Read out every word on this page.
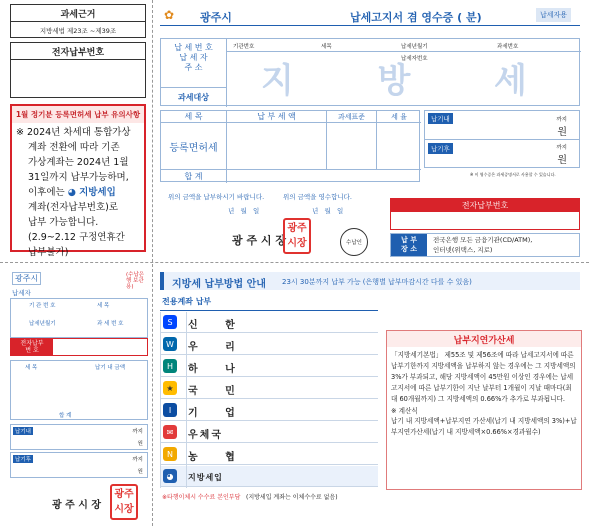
과세근거
지방세법 제23조 ~제39조
전자납부번호
1월 정기분 등록면허세 납부 유의사항
※ 2024년 차세대 통합가상
계좌 전환에 따라 기존
가상계좌는 2024년 1월
31일까지 납부가능하며,
이후에는 ◕ 지방세입
계좌(전자납부번호)로
납부 가능합니다.
(2.9~2.12 구정연휴간
납부불가)
✿ 광주시	납세고지서 겸 영수증 ( 분)	납세자용
납 세 번 호
납 세 자
주 소
과세대상
기관번호	세목	납세년월기	과세번호
납세자번호
지  방  세
세 목	납 부 세 액	과세표준	세 율
등록면허세
합 계
납기내	까지
원
납기후	까지
원
※ 이 영수증은 과세증명서로 사용할 수 있습니다.
위의 금액을 납부하시기 바랍니다.	위의 금액을 영수합니다.
년   월   일	년   월   일
광 주 시 장
광주
시장	수납인
전자납부번호
납 부
장 소
전국은행 모든 금융기관(CD/ATM),
인터넷(위택스, 지로)
광주시	(수납은행 보관용)
납세자
기 관 번 호	세 목
납세년월기	과 세 번 호
전자납부
번 호
세 목	납기 내 금액
합 계
납기내	까지
원
납기후	까지
원
광 주 시 장
광주
시장
지방세 납부방법 안내 23시 30분까지 납부 가능 (은행별 납부마감시간 다를 수 있음)
전용계좌 납부
S	신 한
W	우 리
H	하 나
★	국 민
I	기 업
✉	우체국
N	농 협
◕	지방세입
※타행이체시 수수료 본인부담 (지방세입 계좌는 이체수수료 없음)
납부지연가산세
「지방세기본법」 제55조 및 제56조에 따라 납세고지서에 따른 납부기한까지 지방세액을 납부하지 않는 경우에는 그 지방세액의 3%가 부과되고, 해당 지방세액이 45만원 이상인 경우에는 납세고지서에 따른 납부기한이 지난 날부터 1개월이 지날 때마다(최대 60개월까지) 그 지방세액의 0.66%가 추가로 부과됩니다.
※ 계산식
납기 내 지방세액+납부지연 가산세(납기 내 지방세액의 3%)+납부지연가산세(납기 내 지방세액×0.66%×경과월수)
